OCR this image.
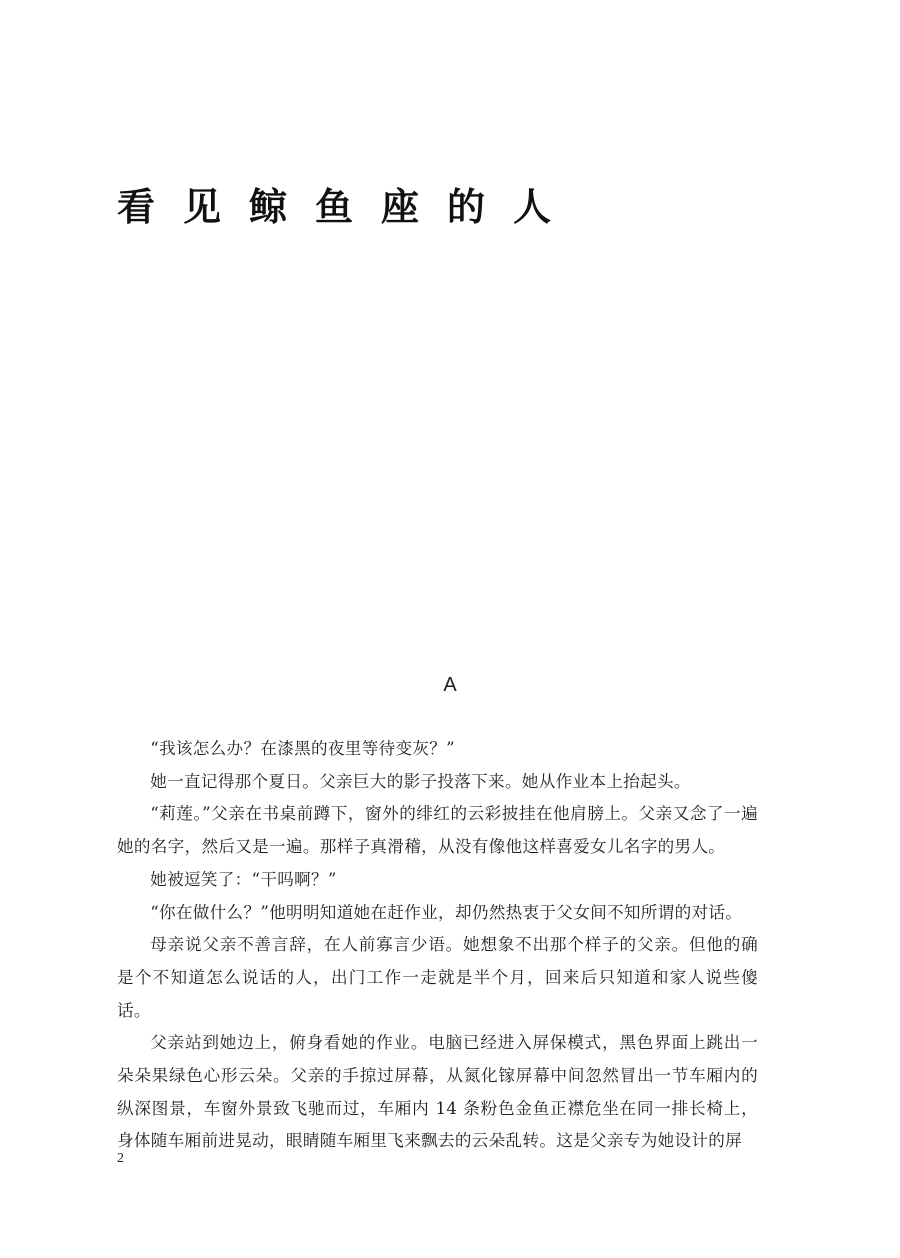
看见鲸鱼座的人
A

“我该怎么办？在漆黑的夜里等待变灰？”

她一直记得那个夏日。父亲巨大的影子投落下来。她从作业本上抬起头。

“莉莲。”父亲在书桌前蹲下，窗外的绯红的云彩披挂在他肩膀上。父亲又念了一遍她的名字，然后又是一遍。那样子真滑稽，从没有像他这样喜爱女儿名字的男人。

她被逗笑了：“干吗啊？”

“你在做什么？”他明明知道她在赶作业，却仍然热衷于父女间不知所谓的对话。

母亲说父亲不善言辞，在人前寡言少语。她想象不出那个样子的父亲。但他的确是个不知道怎么说话的人，出门工作一走就是半个月，回来后只知道和家人说些傻话。

父亲站到她边上，俯身看她的作业。电脑已经进入屏保模式，黑色界面上跳出一朵朵果绿色心形云朵。父亲的手掠过屏幕，从氮化镓屏幕中间忽然冒出一节车厢内的纵深图景，车窗外景致飞驰而过，车厢内 14 条粉色金鱼正襟危坐在同一排长椅上，身体随车厢前进晃动，眼睛随车厢里飞来飘去的云朵乱转。这是父亲专为她设计的屏

2
